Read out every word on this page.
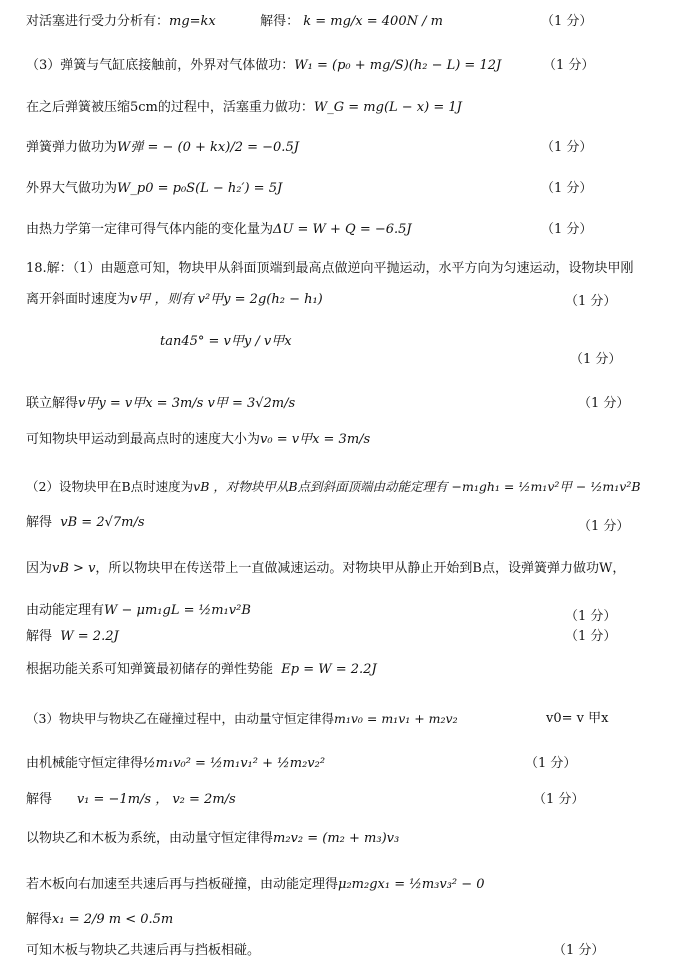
对活塞进行受力分析有：mg=kx	解得： k = mg/x = 400N / m	（1 分）
（3）弹簧与气缸底接触前，外界对气体做功：W₁ = (p₀ + mg/S)(h₂ − L) = 12J	（1 分）
在之后弹簧被压缩5cm的过程中，活塞重力做功：W_G = mg(L − x) = 1J
弹簧弹力做功为W弹 = − (0 + kx)/2 = −0.5J	（1 分）
外界大气做功为W_p0 = p₀S(L − h₂′) = 5J	（1 分）
由热力学第一定律可得气体内能的变化量为ΔU = W + Q = −6.5J	（1 分）
18.解：（1）由题意可知，物块甲从斜面顶端到最高点做逆向平抛运动，水平方向为匀速运动，设物块甲刚
离开斜面时速度为v甲 ，则有 v²甲y = 2g(h₂ − h₁)	（1 分）
tan45° = v甲y / v甲x
（1 分）
联立解得v甲y = v甲x = 3m/s v甲 = 3√2m/s	（1 分）
可知物块甲运动到最高点时的速度大小为v₀ = v甲x = 3m/s
（2）设物块甲在B点时速度为vB ，对物块甲从B点到斜面顶端由动能定理有 −m₁gh₁ = ½m₁v²甲 − ½m₁v²B
解得 vB = 2√7m/s	（1 分）
因为vB > v，所以物块甲在传送带上一直做减速运动。对物块甲从静止开始到B点，设弹簧弹力做功W，
由动能定理有W − μm₁gL = ½m₁v²B	（1 分）
解得 W = 2.2J	（1 分）
根据功能关系可知弹簧最初储存的弹性势能 Ep = W = 2.2J
（3）物块甲与物块乙在碰撞过程中，由动量守恒定律得m₁v₀ = m₁v₁ + m₂v₂	v0= v 甲x
由机械能守恒定律得½m₁v₀² = ½m₁v₁² + ½m₂v₂²	（1 分）
解得 v₁ = −1m/s ， v₂ = 2m/s	（1 分）
以物块乙和木板为系统，由动量守恒定律得m₂v₂ = (m₂ + m₃)v₃
若木板向右加速至共速后再与挡板碰撞，由动能定理得μ₂m₂gx₁ = ½m₃v₃² − 0
解得x₁ = 2/9 m < 0.5m
可知木板与物块乙共速后再与挡板相碰。	（1 分）
